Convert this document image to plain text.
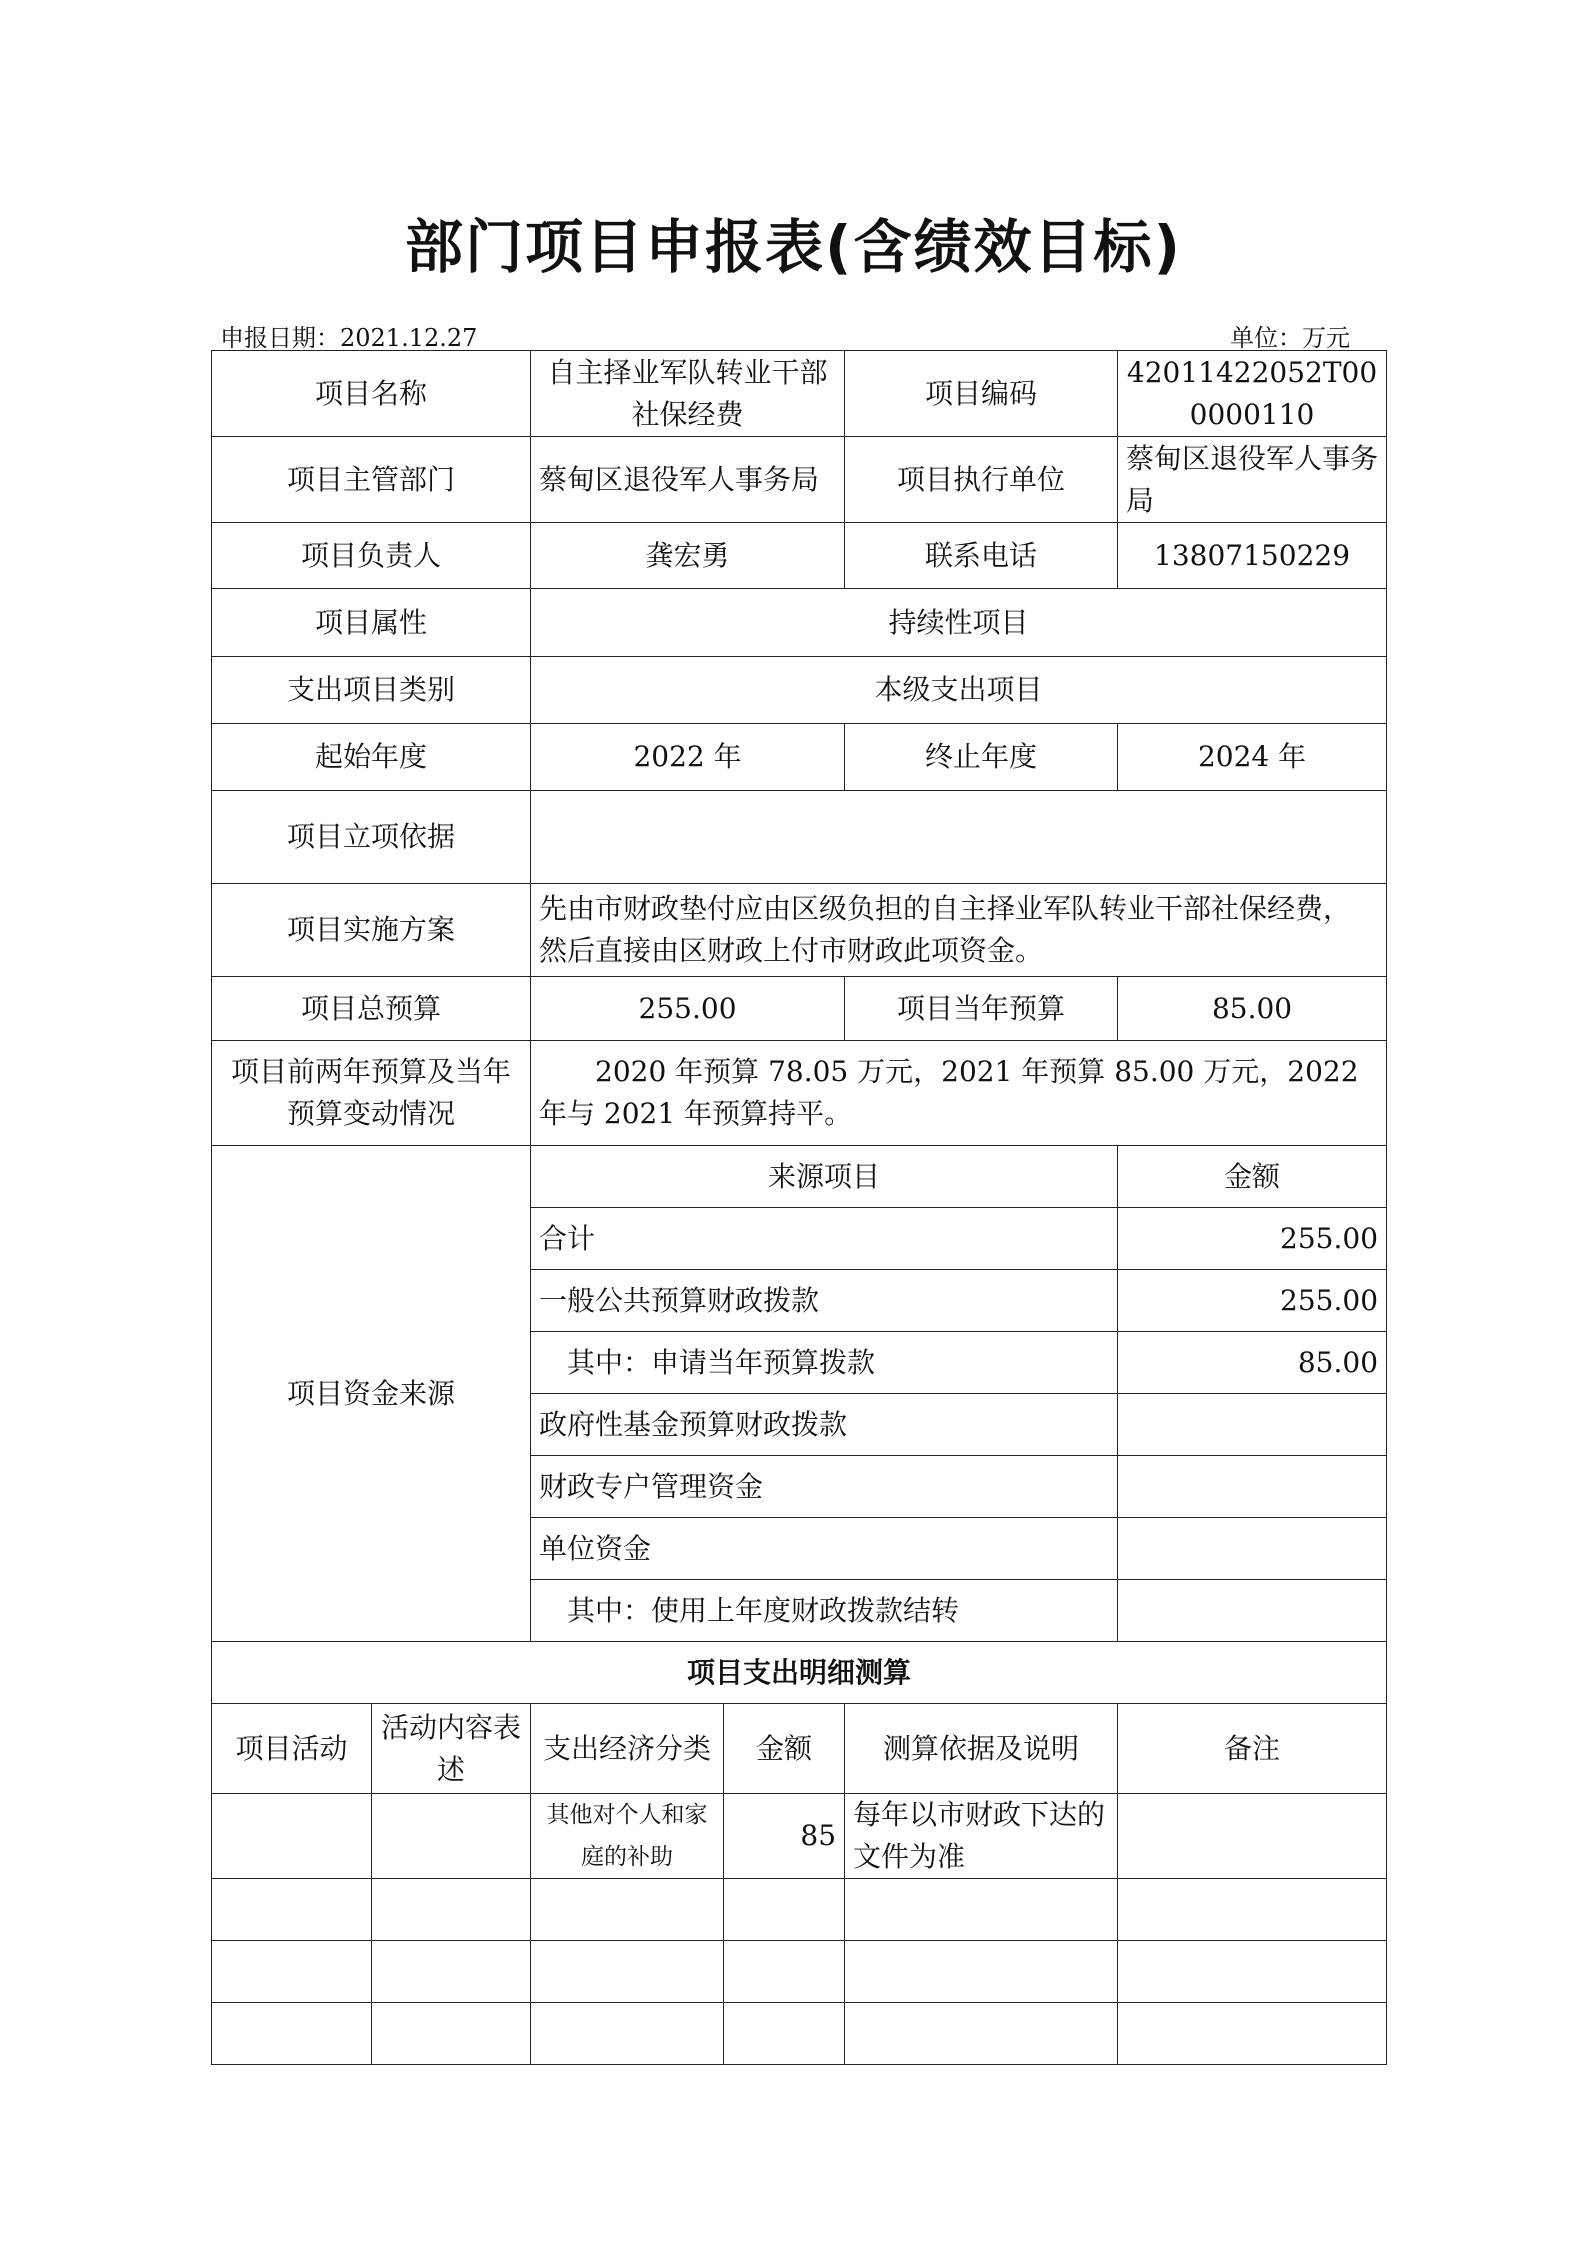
部门项目申报表(含绩效目标)
申报日期：2021.12.27	单位：万元
项目名称		自主择业军队转业干部社保经费		项目编码	42011422052T000000110
项目主管部门		蔡甸区退役军人事务局		项目执行单位	蔡甸区退役军人事务局
项目负责人		龚宏勇		联系电话	13807150229
项目属性		持续性项目			
支出项目类别		本级支出项目			
起始年度		2022 年		终止年度	2024 年
项目立项依据					
项目实施方案		先由市财政垫付应由区级负担的自主择业军队转业干部社保经费，然后直接由区财政上付市财政此项资金。			
项目总预算		255.00		项目当年预算	85.00
项目前两年预算及当年预算变动情况		2020 年预算 78.05 万元，2021 年预算 85.00 万元，2022 年与 2021 年预算持平。			
项目资金来源		来源项目			金额
		合计			255.00
		一般公共预算财政拨款			255.00
		其中：申请当年预算拨款			85.00
		政府性基金预算财政拨款			
		财政专户管理资金			
		单位资金			
		其中：使用上年度财政拨款结转			
项目支出明细测算					
项目活动	活动内容表述	支出经济分类	金额	测算依据及说明	备注
		其他对个人和家庭的补助	85	每年以市财政下达的文件为准	
